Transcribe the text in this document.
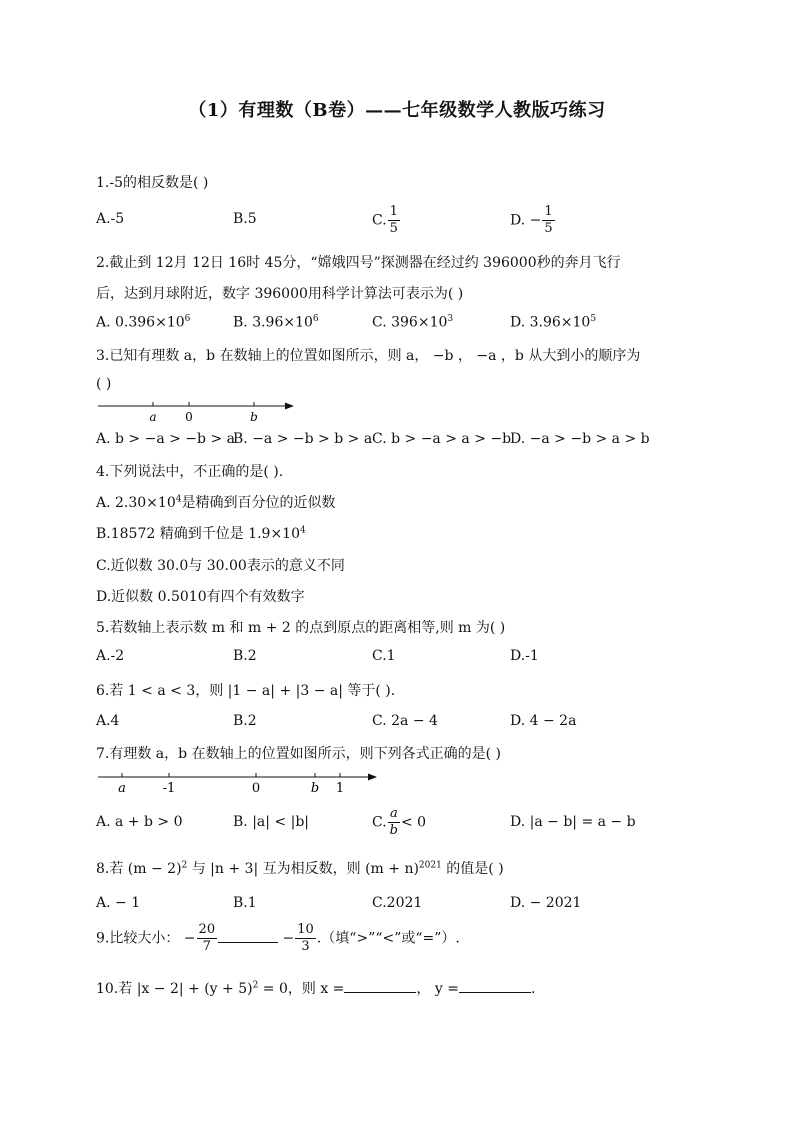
（1）有理数（B卷）——七年级数学人教版巧练习
1.-5的相反数是( )
A.-5	B.5	C. $\frac{1}{5}$	D. − $\frac{1}{5}$
2.截止到 12月 12日 16时 45分，“嫦娥四号”探测器在经过约 396000秒的奔月飞行
后，达到月球附近，数字 396000用科学计算法可表示为( )
A. $0.396\times 10^6$	B. $3.96\times 10^6$	C. $396\times 10^3$	D. $3.96\times 10^5$
3.已知有理数 a，b 在数轴上的位置如图所示，则 a， −b ， −a ，b 从大到小的顺序为
( )
a 0	b
A. b > −a > −b > a
B. −a > −b > b > a C. b > −a > a > −b
D. −a > −b > a > b
4.下列说法中，不正确的是( ).
A. $2.30\times 10^4$是精确到百分位的近似数
B.18572 精确到千位是 $1.9\times 10^4$
C.近似数 30.0与 30.00表示的意义不同
D.近似数 0.5010有四个有效数字
5.若数轴上表示数 m 和 m + 2 的点到原点的距离相等,则 m 为( )
A.-2	B.2	C.1	D.-1
6.若 1 < a < 3，则 |1 − a| + |3 − a| 等于( ).
A.4	B.2	C. 2a − 4	D. 4 − 2a
7.有理数 a，b 在数轴上的位置如图所示，则下列各式正确的是( )
a	-1	0	b 1
A. a + b > 0	B. |a| < |b|	C. $\frac{a}{b} < 0$	D. |a − b| = a − b
8.若 $(m - 2)^2$ 与 |n + 3| 互为相反数，则 $(m + n)^{2021}$ 的值是( )
A. − 1	B.1	C.2021	D. − 2021
9.比较大小： − $\frac{20}{7}$	− $\frac{10}{3}$ .（填“>”“<”或“=”）.
10.若 $|x - 2| + (y + 5)^2 = 0$，则 x =	， y =	.
